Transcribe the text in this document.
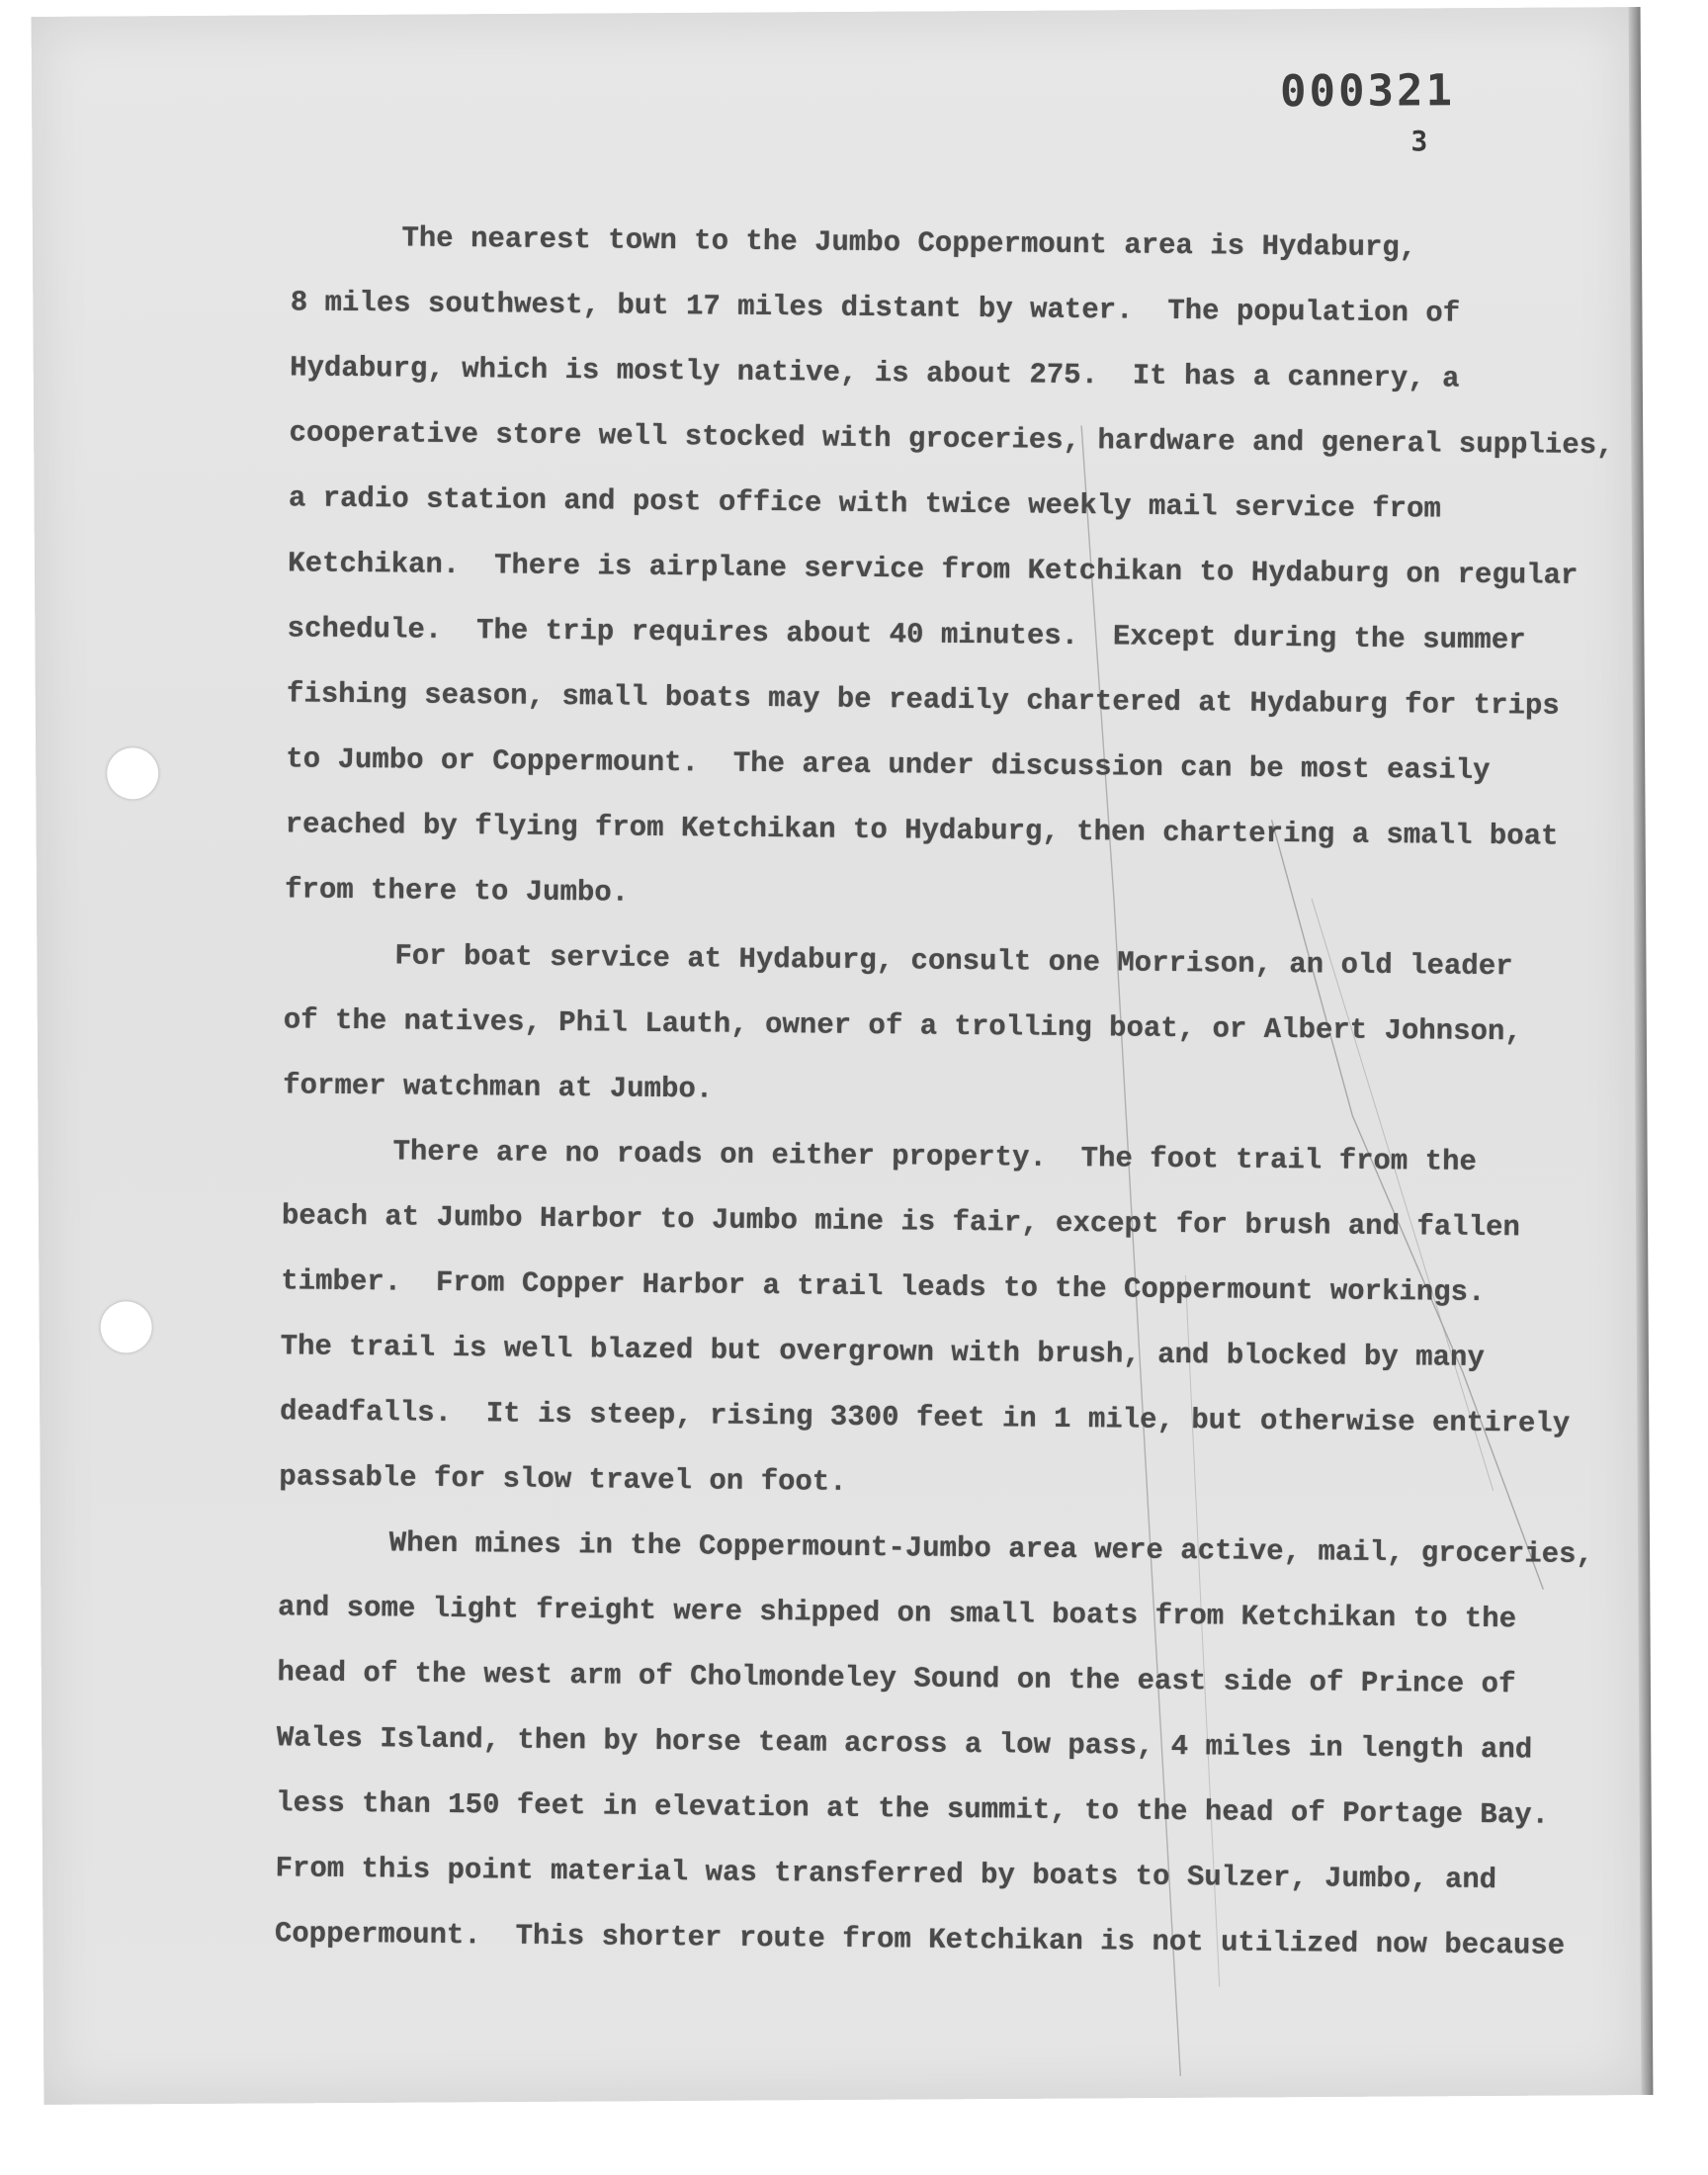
000321
3

The nearest town to the Jumbo Coppermount area is Hydaburg,
8 miles southwest, but 17 miles distant by water.  The population of
Hydaburg, which is mostly native, is about 275.  It has a cannery, a
cooperative store well stocked with groceries, hardware and general supplies,
a radio station and post office with twice weekly mail service from
Ketchikan.  There is airplane service from Ketchikan to Hydaburg on regular
schedule.  The trip requires about 40 minutes.  Except during the summer
fishing season, small boats may be readily chartered at Hydaburg for trips
to Jumbo or Coppermount.  The area under discussion can be most easily
reached by flying from Ketchikan to Hydaburg, then chartering a small boat
from there to Jumbo.

For boat service at Hydaburg, consult one Morrison, an old leader
of the natives, Phil Lauth, owner of a trolling boat, or Albert Johnson,
former watchman at Jumbo.

There are no roads on either property.  The foot trail from the
beach at Jumbo Harbor to Jumbo mine is fair, except for brush and fallen
timber.  From Copper Harbor a trail leads to the Coppermount workings.
The trail is well blazed but overgrown with brush, and blocked by many
deadfalls.  It is steep, rising 3300 feet in 1 mile, but otherwise entirely
passable for slow travel on foot.

When mines in the Coppermount-Jumbo area were active, mail, groceries,
and some light freight were shipped on small boats from Ketchikan to the
head of the west arm of Cholmondeley Sound on the east side of Prince of
Wales Island, then by horse team across a low pass, 4 miles in length and
less than 150 feet in elevation at the summit, to the head of Portage Bay.
From this point material was transferred by boats to Sulzer, Jumbo, and
Coppermount.  This shorter route from Ketchikan is not utilized now because
